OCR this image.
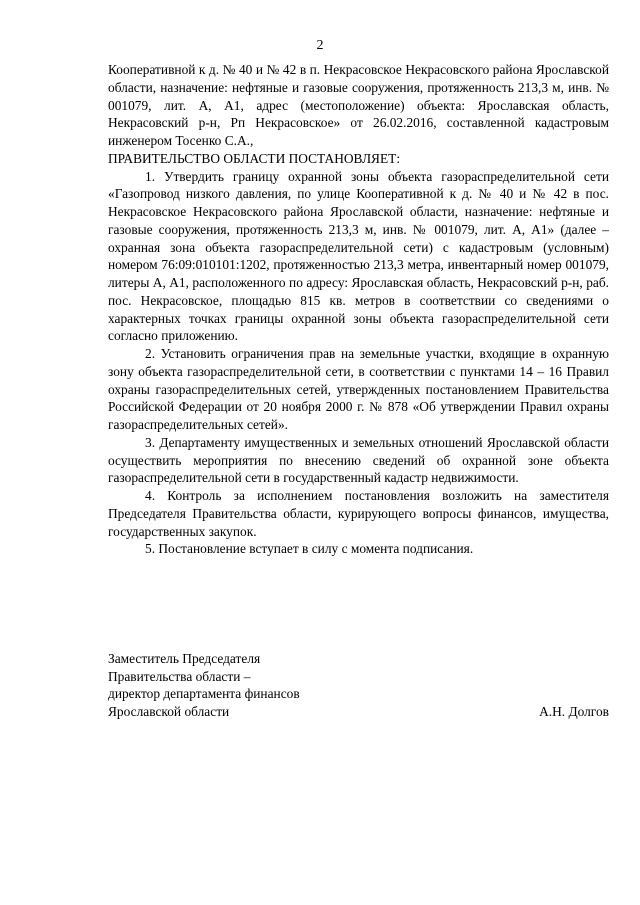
2

Кооперативной к д. № 40 и № 42 в п. Некрасовское Некрасовского района Ярославской области, назначение: нефтяные и газовые сооружения, протяженность 213,3 м, инв. № 001079, лит. А, А1, адрес (местоположение) объекта: Ярославская область, Некрасовский р-н, Рп Некрасовское» от 26.02.2016, составленной кадастровым инженером Тосенко С.А.,

ПРАВИТЕЛЬСТВО ОБЛАСТИ ПОСТАНОВЛЯЕТ:

1. Утвердить границу охранной зоны объекта газораспределительной сети «Газопровод низкого давления, по улице Кооперативной к д. № 40 и № 42 в пос. Некрасовское Некрасовского района Ярославской области, назначение: нефтяные и газовые сооружения, протяженность 213,3 м, инв. № 001079, лит. А, А1» (далее – охранная зона объекта газораспределительной сети) с кадастровым (условным) номером 76:09:010101:1202, протяженностью 213,3 метра, инвентарный номер 001079, литеры А, А1, расположенного по адресу: Ярославская область, Некрасовский р-н, раб. пос. Некрасовское, площадью 815 кв. метров в соответствии со сведениями о характерных точках границы охранной зоны объекта газораспределительной сети согласно приложению.

2. Установить ограничения прав на земельные участки, входящие в охранную зону объекта газораспределительной сети, в соответствии с пунктами 14 – 16 Правил охраны газораспределительных сетей, утвержденных постановлением Правительства Российской Федерации от 20 ноября 2000 г. № 878 «Об утверждении Правил охраны газораспределительных сетей».

3. Департаменту имущественных и земельных отношений Ярославской области осуществить мероприятия по внесению сведений об охранной зоне объекта газораспределительной сети в государственный кадастр недвижимости.

4. Контроль за исполнением постановления возложить на заместителя Председателя Правительства области, курирующего вопросы финансов, имущества, государственных закупок.

5. Постановление вступает в силу с момента подписания.

Заместитель Председателя
Правительства области –
директор департамента финансов
Ярославской области	А.Н. Долгов
